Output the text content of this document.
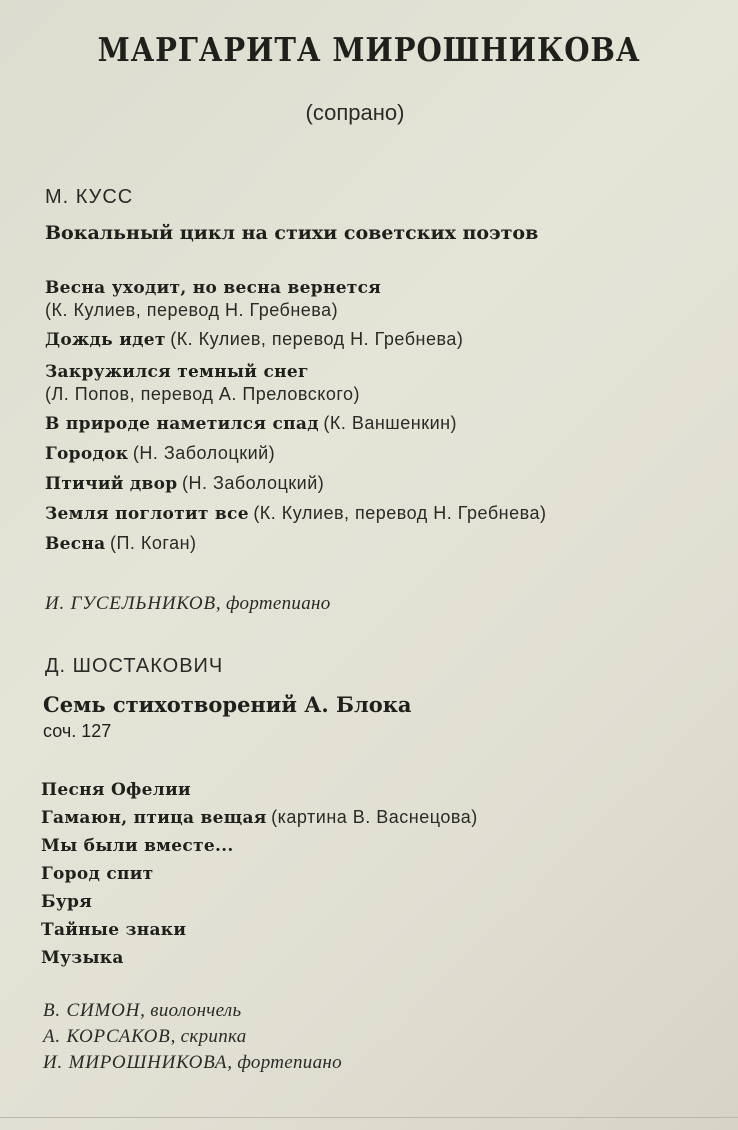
МАРГАРИТА МИРОШНИКОВА
(сопрано)
М. КУСС
Вокальный цикл на стихи советских поэтов
Весна уходит, но весна вернется
(К. Кулиев, перевод Н. Гребнева)
Дождь идет (К. Кулиев, перевод Н. Гребнева)
Закружился темный снег
(Л. Попов, перевод А. Преловского)
В природе наметился спад (К. Ваншенкин)
Городок (Н. Заболоцкий)
Птичий двор (Н. Заболоцкий)
Земля поглотит все (К. Кулиев, перевод Н. Гребнева)
Весна (П. Коган)
И. ГУСЕЛЬНИКОВ, фортепиано
Д. ШОСТАКОВИЧ
Семь стихотворений А. Блока
соч. 127
Песня Офелии
Гамаюн, птица вещая (картина В. Васнецова)
Мы были вместе...
Город спит
Буря
Тайные знаки
Музыка
В. СИМОН, виолончель
А. КОРСАКОВ, скрипка
И. МИРОШНИКОВА, фортепиано
